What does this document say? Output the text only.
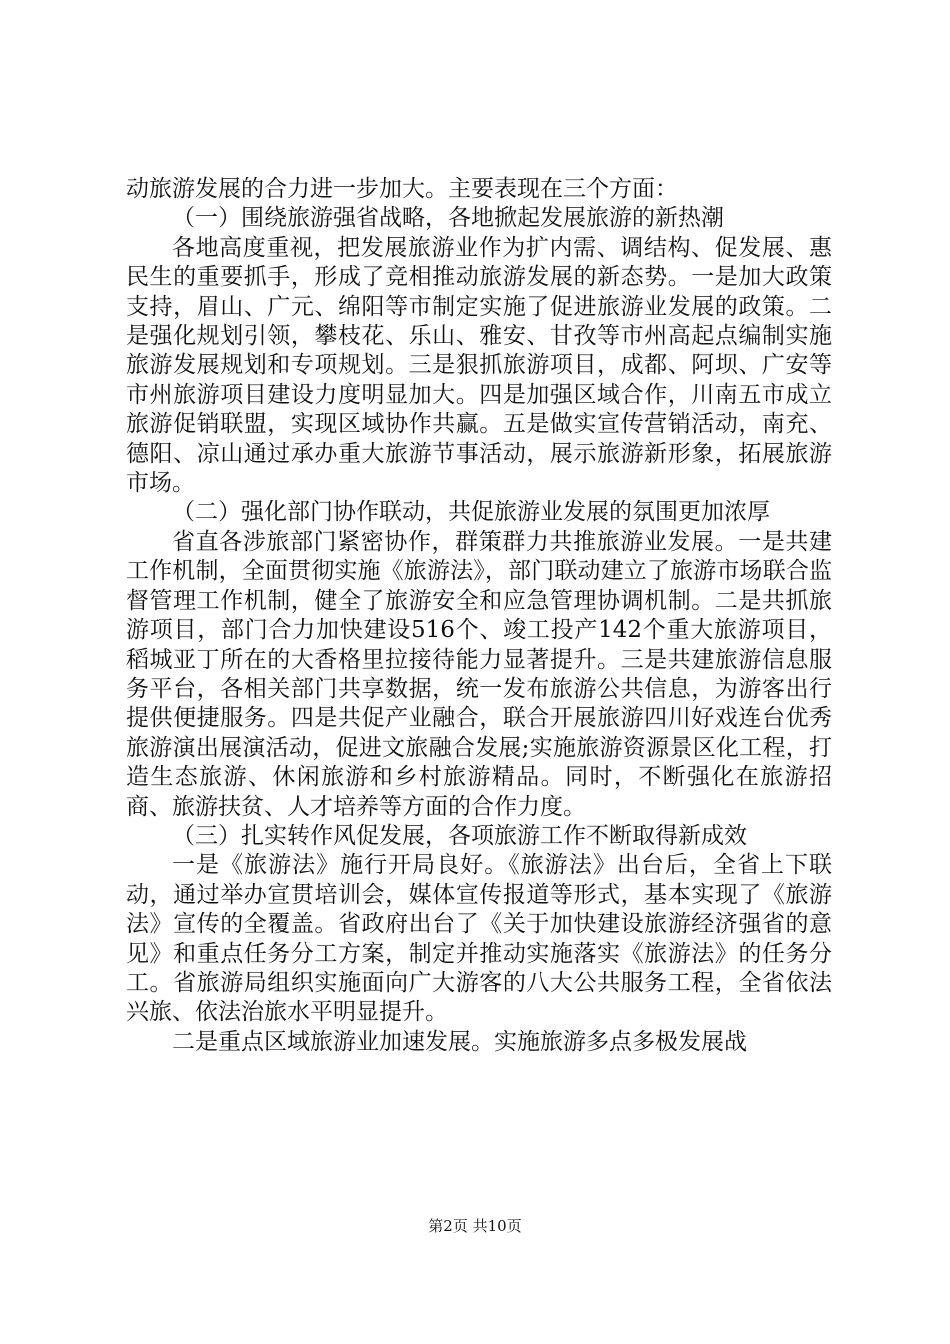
动旅游发展的合力进一步加大。主要表现在三个方面：

（一）围绕旅游强省战略，各地掀起发展旅游的新热潮

各地高度重视，把发展旅游业作为扩内需、调结构、促发展、惠民生的重要抓手，形成了竞相推动旅游发展的新态势。一是加大政策支持，眉山、广元、绵阳等市制定实施了促进旅游业发展的政策。二是强化规划引领，攀枝花、乐山、雅安、甘孜等市州高起点编制实施旅游发展规划和专项规划。三是狠抓旅游项目，成都、阿坝、广安等市州旅游项目建设力度明显加大。四是加强区域合作，川南五市成立旅游促销联盟，实现区域协作共赢。五是做实宣传营销活动，南充、德阳、凉山通过承办重大旅游节事活动，展示旅游新形象，拓展旅游市场。

（二）强化部门协作联动，共促旅游业发展的氛围更加浓厚

省直各涉旅部门紧密协作，群策群力共推旅游业发展。一是共建工作机制，全面贯彻实施《旅游法》，部门联动建立了旅游市场联合监督管理工作机制，健全了旅游安全和应急管理协调机制。二是共抓旅游项目，部门合力加快建设516个、竣工投产142个重大旅游项目，稻城亚丁所在的大香格里拉接待能力显著提升。三是共建旅游信息服务平台，各相关部门共享数据，统一发布旅游公共信息，为游客出行提供便捷服务。四是共促产业融合，联合开展旅游四川好戏连台优秀旅游演出展演活动，促进文旅融合发展;实施旅游资源景区化工程，打造生态旅游、休闲旅游和乡村旅游精品。同时，不断强化在旅游招商、旅游扶贫、人才培养等方面的合作力度。

（三）扎实转作风促发展，各项旅游工作不断取得新成效

一是《旅游法》施行开局良好。《旅游法》出台后，全省上下联动，通过举办宣贯培训会，媒体宣传报道等形式，基本实现了《旅游法》宣传的全覆盖。省政府出台了《关于加快建设旅游经济强省的意见》和重点任务分工方案，制定并推动实施落实《旅游法》的任务分工。省旅游局组织实施面向广大游客的八大公共服务工程，全省依法兴旅、依法治旅水平明显提升。

二是重点区域旅游业加速发展。实施旅游多点多极发展战

第2页 共10页
